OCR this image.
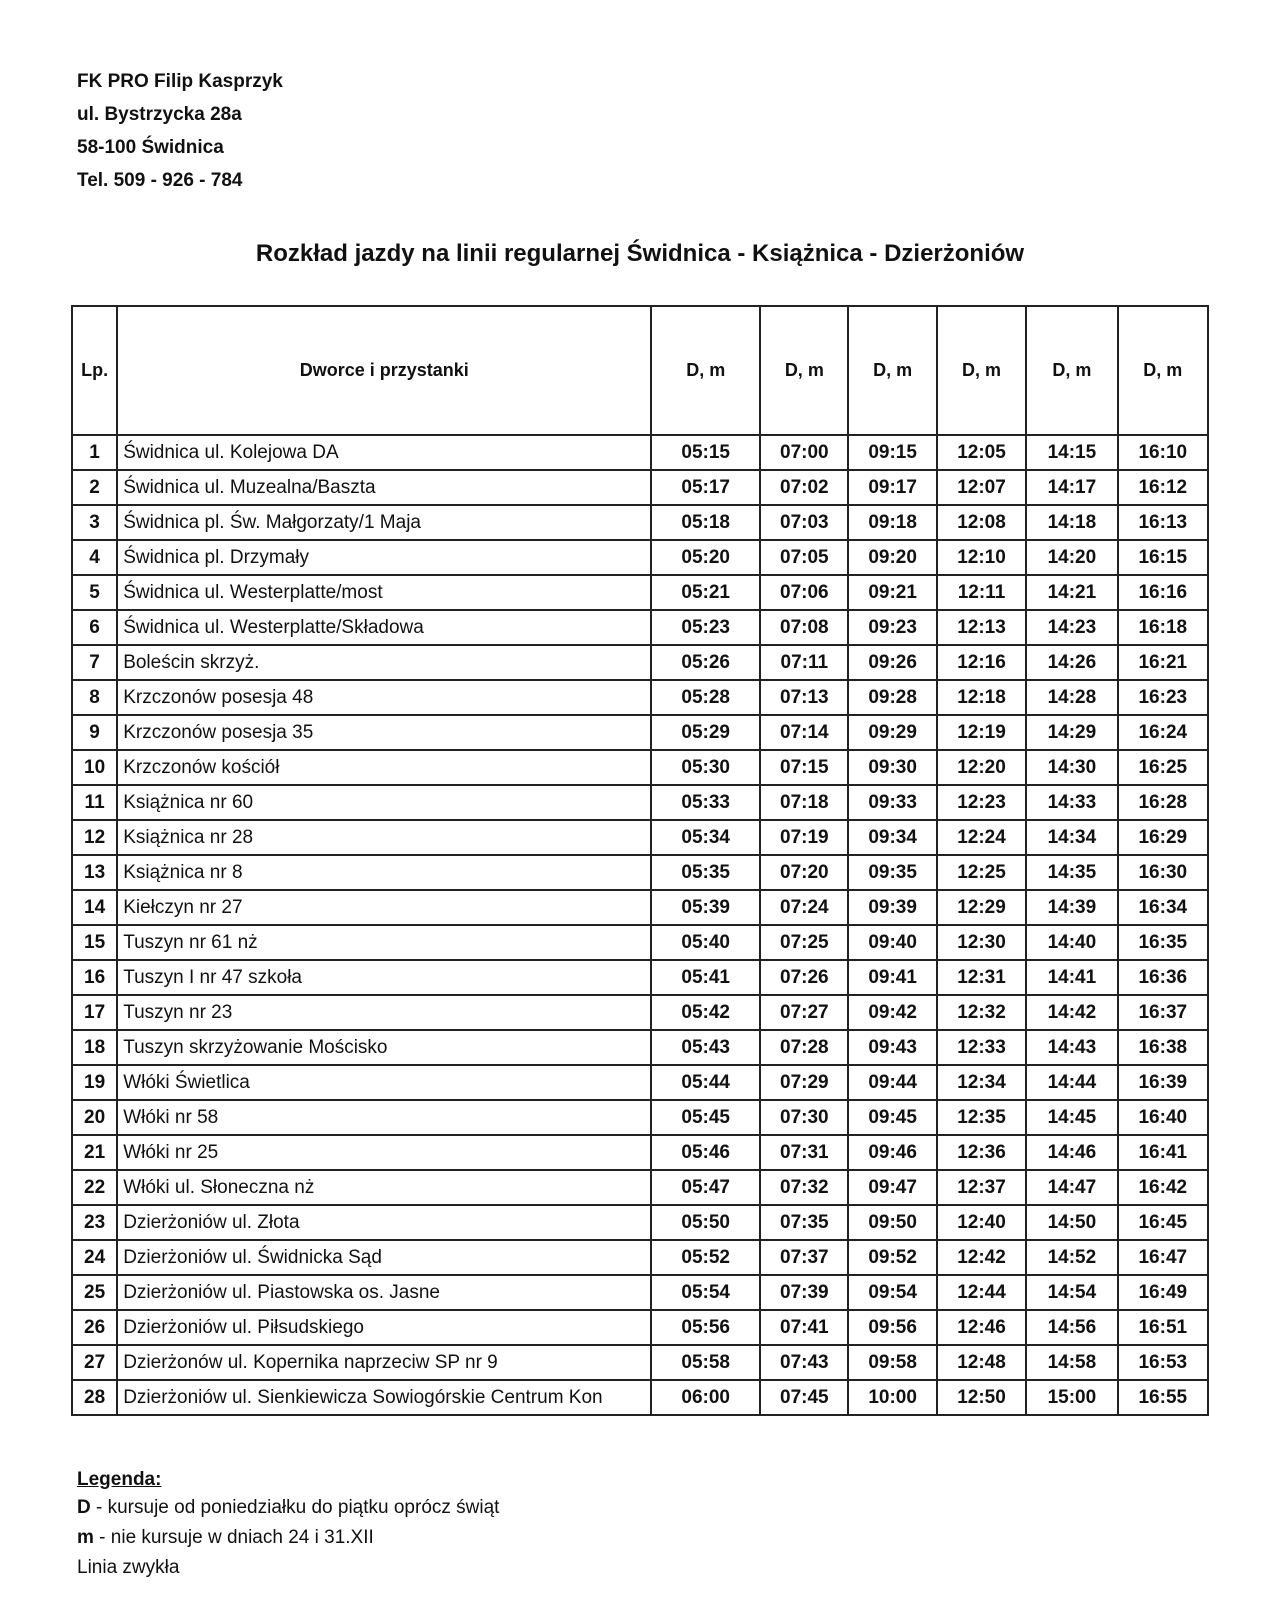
FK PRO Filip Kasprzyk
ul. Bystrzycka 28a
58-100 Świdnica
Tel. 509 - 926 - 784
Rozkład jazdy na linii regularnej Świdnica - Książnica - Dzierżoniów
Lp.	Dworce i przystanki	D, m	D, m	D, m	D, m	D, m	D, m
1	Świdnica ul. Kolejowa DA	05:15	07:00	09:15	12:05	14:15	16:10
2	Świdnica ul. Muzealna/Baszta	05:17	07:02	09:17	12:07	14:17	16:12
3	Świdnica pl. Św. Małgorzaty/1 Maja	05:18	07:03	09:18	12:08	14:18	16:13
4	Świdnica pl. Drzymały	05:20	07:05	09:20	12:10	14:20	16:15
5	Świdnica ul. Westerplatte/most	05:21	07:06	09:21	12:11	14:21	16:16
6	Świdnica ul. Westerplatte/Składowa	05:23	07:08	09:23	12:13	14:23	16:18
7	Boleścin skrzyż.	05:26	07:11	09:26	12:16	14:26	16:21
8	Krzczonów posesja 48	05:28	07:13	09:28	12:18	14:28	16:23
9	Krzczonów posesja 35	05:29	07:14	09:29	12:19	14:29	16:24
10	Krzczonów kościół	05:30	07:15	09:30	12:20	14:30	16:25
11	Książnica nr 60	05:33	07:18	09:33	12:23	14:33	16:28
12	Książnica nr 28	05:34	07:19	09:34	12:24	14:34	16:29
13	Książnica nr 8	05:35	07:20	09:35	12:25	14:35	16:30
14	Kiełczyn nr 27	05:39	07:24	09:39	12:29	14:39	16:34
15	Tuszyn nr 61 nż	05:40	07:25	09:40	12:30	14:40	16:35
16	Tuszyn I nr 47 szkoła	05:41	07:26	09:41	12:31	14:41	16:36
17	Tuszyn nr 23	05:42	07:27	09:42	12:32	14:42	16:37
18	Tuszyn skrzyżowanie Mościsko	05:43	07:28	09:43	12:33	14:43	16:38
19	Włóki Świetlica	05:44	07:29	09:44	12:34	14:44	16:39
20	Włóki nr 58	05:45	07:30	09:45	12:35	14:45	16:40
21	Włóki nr 25	05:46	07:31	09:46	12:36	14:46	16:41
22	Włóki ul. Słoneczna nż	05:47	07:32	09:47	12:37	14:47	16:42
23	Dzierżoniów ul. Złota	05:50	07:35	09:50	12:40	14:50	16:45
24	Dzierżoniów ul. Świdnicka Sąd	05:52	07:37	09:52	12:42	14:52	16:47
25	Dzierżoniów ul. Piastowska os. Jasne	05:54	07:39	09:54	12:44	14:54	16:49
26	Dzierżoniów ul. Piłsudskiego	05:56	07:41	09:56	12:46	14:56	16:51
27	Dzierżonów ul. Kopernika naprzeciw SP nr 9	05:58	07:43	09:58	12:48	14:58	16:53
28	Dzierżoniów ul. Sienkiewicza Sowiogórskie Centrum Kon	06:00	07:45	10:00	12:50	15:00	16:55
Legenda:
D - kursuje od poniedziałku do piątku oprócz świąt
m - nie kursuje w dniach 24 i 31.XII
Linia zwykła
